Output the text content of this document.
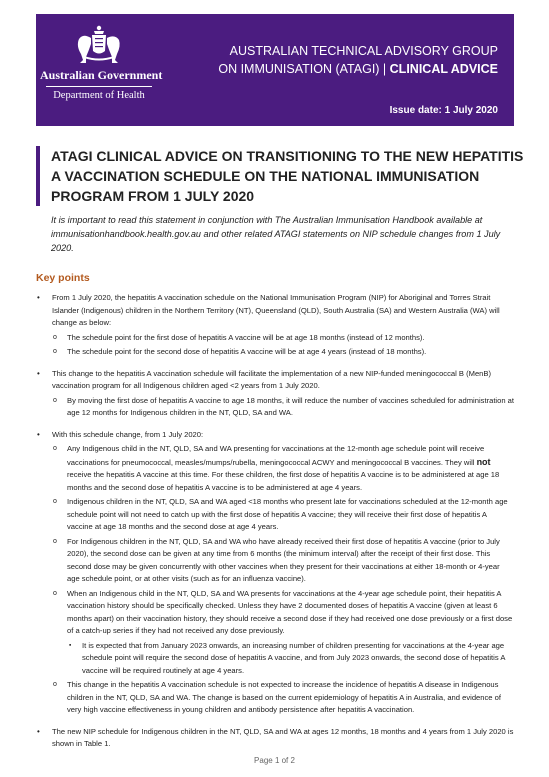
Australian Government
Department of Health
AUSTRALIAN TECHNICAL ADVISORY GROUP
ON IMMUNISATION (ATAGI) | CLINICAL ADVICE
Issue date: 1 July 2020
ATAGI CLINICAL ADVICE ON TRANSITIONING TO THE NEW HEPATITIS A VACCINATION SCHEDULE ON THE NATIONAL IMMUNISATION PROGRAM FROM 1 JULY 2020
It is important to read this statement in conjunction with The Australian Immunisation Handbook available at immunisationhandbook.health.gov.au and other related ATAGI statements on NIP schedule changes from 1 July 2020.
Key points
• From 1 July 2020, the hepatitis A vaccination schedule on the National Immunisation Program (NIP) for Aboriginal and Torres Strait Islander (Indigenous) children in the Northern Territory (NT), Queensland (QLD), South Australia (SA) and Western Australia (WA) will change as below:
o The schedule point for the first dose of hepatitis A vaccine will be at age 18 months (instead of 12 months).
o The schedule point for the second dose of hepatitis A vaccine will be at age 4 years (instead of 18 months).
• This change to the hepatitis A vaccination schedule will facilitate the implementation of a new NIP-funded meningococcal B (MenB) vaccination program for all Indigenous children aged <2 years from 1 July 2020.
o By moving the first dose of hepatitis A vaccine to age 18 months, it will reduce the number of vaccines scheduled for administration at age 12 months for Indigenous children in the NT, QLD, SA and WA.
• With this schedule change, from 1 July 2020:
o Any Indigenous child in the NT, QLD, SA and WA presenting for vaccinations at the 12-month age schedule point will receive vaccinations for pneumococcal, measles/mumps/rubella, meningococcal ACWY and meningococcal B vaccines. They will not receive the hepatitis A vaccine at this time. For these children, the first dose of hepatitis A vaccine is to be administered at age 18 months and the second dose of hepatitis A vaccine is to be administered at age 4 years.
o Indigenous children in the NT, QLD, SA and WA aged <18 months who present late for vaccinations scheduled at the 12-month age schedule point will not need to catch up with the first dose of hepatitis A vaccine; they will receive their first dose of hepatitis A vaccine at age 18 months and the second dose at age 4 years.
o For Indigenous children in the NT, QLD, SA and WA who have already received their first dose of hepatitis A vaccine (prior to July 2020), the second dose can be given at any time from 6 months (the minimum interval) after the receipt of their first dose. This second dose may be given concurrently with other vaccines when they present for their vaccinations at either 18-month or 4-year age schedule point, or at other visits (such as for an influenza vaccine).
o When an Indigenous child in the NT, QLD, SA and WA presents for vaccinations at the 4-year age schedule point, their hepatitis A vaccination history should be specifically checked. Unless they have 2 documented doses of hepatitis A vaccine (given at least 6 months apart) on their vaccination history, they should receive a second dose if they had received one dose previously or a first dose of a catch-up series if they had not received any dose previously.
▪ It is expected that from January 2023 onwards, an increasing number of children presenting for vaccinations at the 4-year age schedule point will require the second dose of hepatitis A vaccine, and from July 2023 onwards, the second dose of hepatitis A vaccine will be required routinely at age 4 years.
o This change in the hepatitis A vaccination schedule is not expected to increase the incidence of hepatitis A disease in Indigenous children in the NT, QLD, SA and WA. The change is based on the current epidemiology of hepatitis A in Australia, and evidence of very high vaccine effectiveness in young children and antibody persistence after hepatitis A vaccination.
• The new NIP schedule for Indigenous children in the NT, QLD, SA and WA at ages 12 months, 18 months and 4 years from 1 July 2020 is shown in Table 1.
Page 1 of 2
